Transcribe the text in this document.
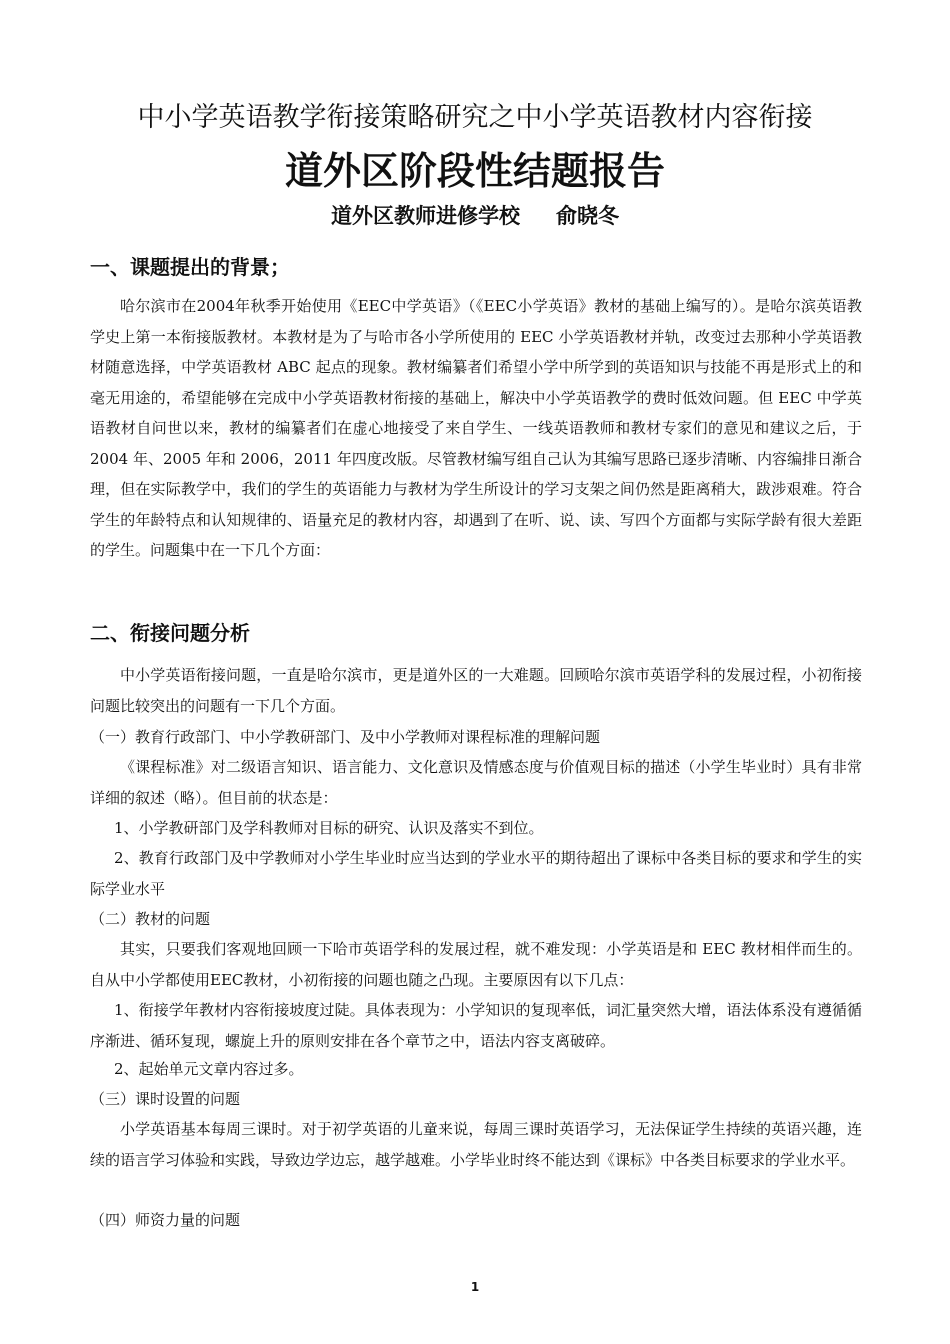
中小学英语教学衔接策略研究之中小学英语教材内容衔接
道外区阶段性结题报告
道外区教师进修学校 俞晓冬
一、课题提出的背景；
哈尔滨市在2004年秋季开始使用《EEC中学英语》（《EEC小学英语》教材的基础上编写的）。是哈尔滨英语教学史上第一本衔接版教材。本教材是为了与哈市各小学所使用的 EEC 小学英语教材并轨，改变过去那种小学英语教材随意选择，中学英语教材 ABC 起点的现象。教材编纂者们希望小学中所学到的英语知识与技能不再是形式上的和毫无用途的，希望能够在完成中小学英语教材衔接的基础上，解决中小学英语教学的费时低效问题。但 EEC 中学英语教材自问世以来，教材的编纂者们在虚心地接受了来自学生、一线英语教师和教材专家们的意见和建议之后，于 2004 年、2005 年和 2006，2011 年四度改版。尽管教材编写组自己认为其编写思路已逐步清晰、内容编排日渐合理，但在实际教学中，我们的学生的英语能力与教材为学生所设计的学习支架之间仍然是距离稍大，跋涉艰难。符合学生的年龄特点和认知规律的、语量充足的教材内容，却遇到了在听、说、读、写四个方面都与实际学龄有很大差距的学生。问题集中在一下几个方面：
二、衔接问题分析
中小学英语衔接问题，一直是哈尔滨市，更是道外区的一大难题。回顾哈尔滨市英语学科的发展过程，小初衔接问题比较突出的问题有一下几个方面。
（一）教育行政部门、中小学教研部门、及中小学教师对课程标准的理解问题
《课程标准》对二级语言知识、语言能力、文化意识及情感态度与价值观目标的描述（小学生毕业时）具有非常详细的叙述（略）。但目前的状态是：
1、小学教研部门及学科教师对目标的研究、认识及落实不到位。
2、教育行政部门及中学教师对小学生毕业时应当达到的学业水平的期待超出了课标中各类目标的要求和学生的实际学业水平
（二）教材的问题
其实，只要我们客观地回顾一下哈市英语学科的发展过程，就不难发现：小学英语是和 EEC 教材相伴而生的。自从中小学都使用EEC教材，小初衔接的问题也随之凸现。主要原因有以下几点：
1、衔接学年教材内容衔接坡度过陡。具体表现为：小学知识的复现率低，词汇量突然大增，语法体系没有遵循循序渐进、循环复现，螺旋上升的原则安排在各个章节之中，语法内容支离破碎。
2、起始单元文章内容过多。
（三）课时设置的问题
小学英语基本每周三课时。对于初学英语的儿童来说，每周三课时英语学习，无法保证学生持续的英语兴趣，连续的语言学习体验和实践，导致边学边忘，越学越难。小学毕业时终不能达到《课标》中各类目标要求的学业水平。
（四）师资力量的问题
1
